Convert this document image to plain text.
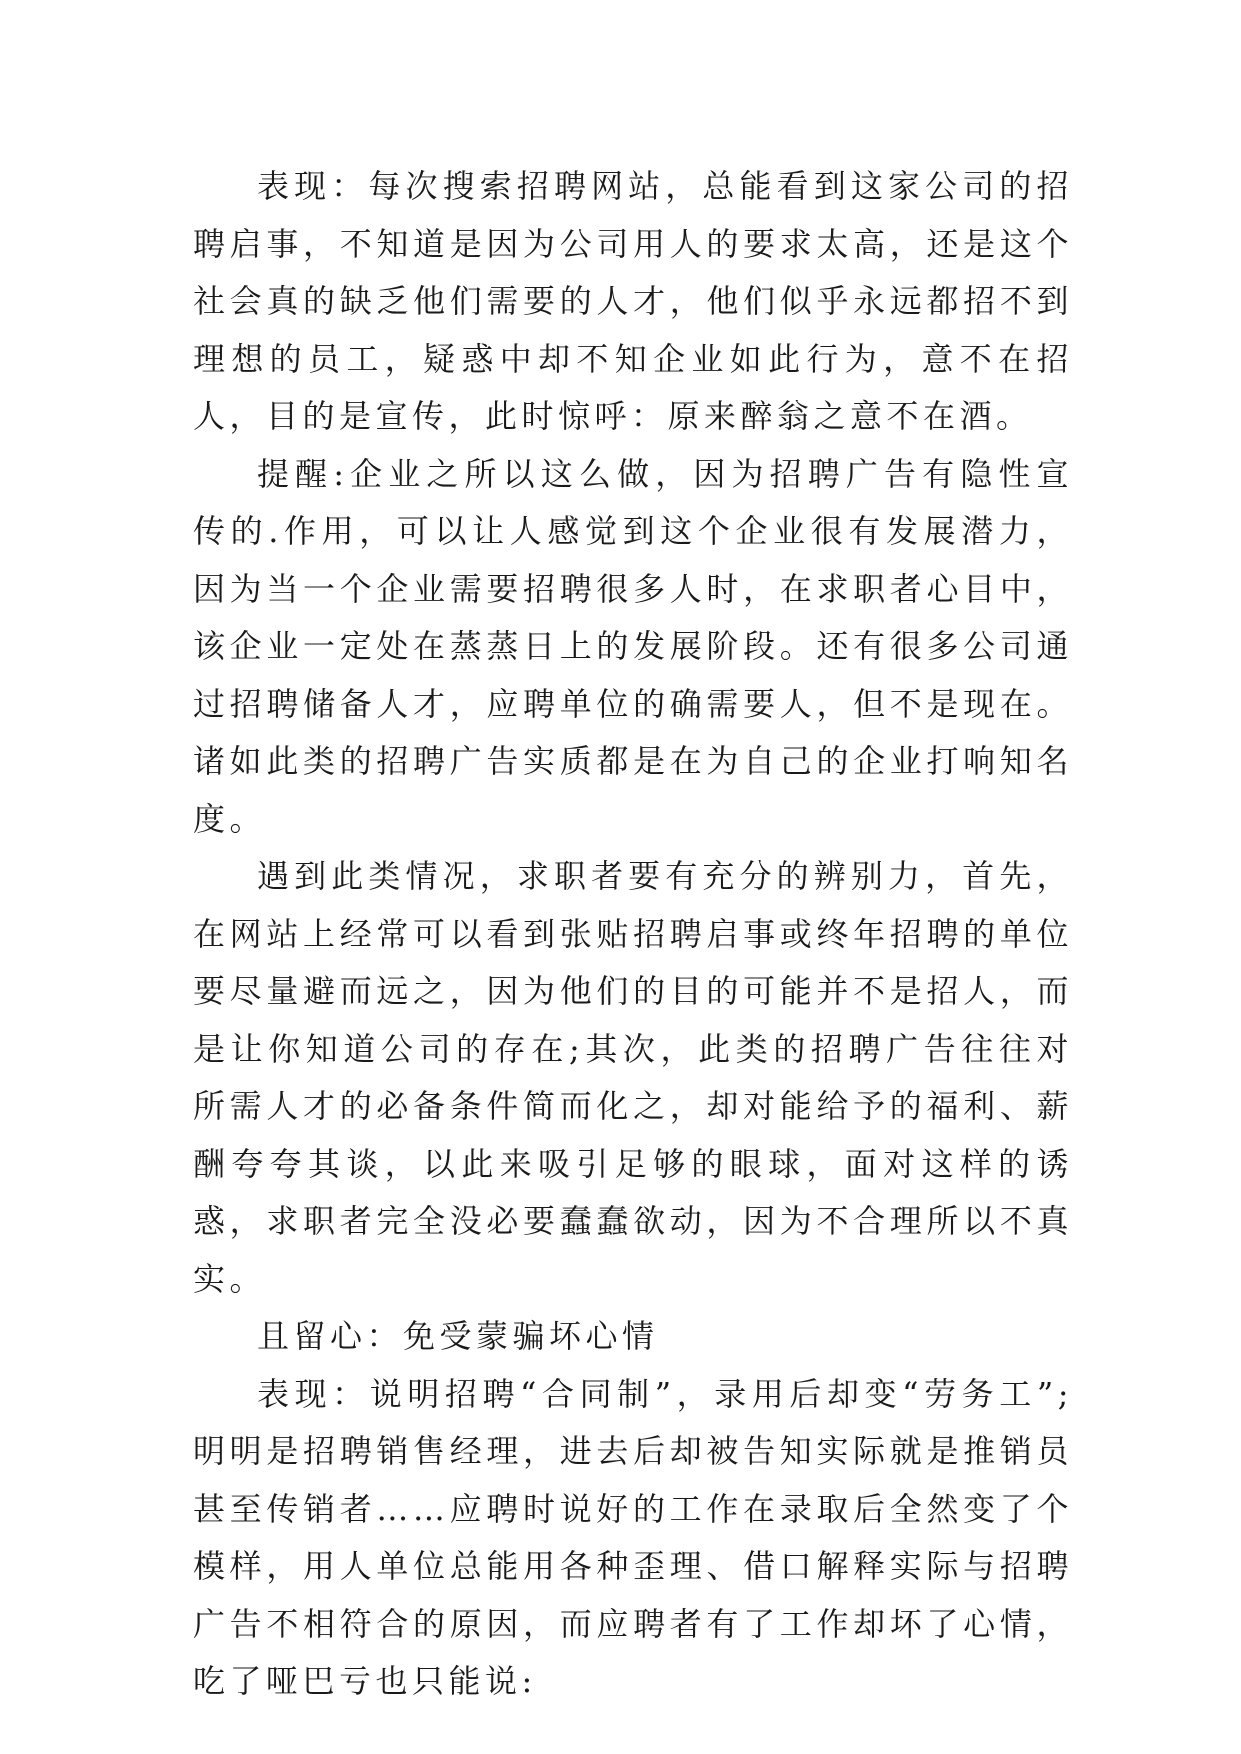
表现：每次搜索招聘网站，总能看到这家公司的招聘启事，不知道是因为公司用人的要求太高，还是这个社会真的缺乏他们需要的人才，他们似乎永远都招不到理想的员工，疑惑中却不知企业如此行为，意不在招人，目的是宣传，此时惊呼：原来醉翁之意不在酒。

提醒:企业之所以这么做，因为招聘广告有隐性宣传的.作用，可以让人感觉到这个企业很有发展潜力，因为当一个企业需要招聘很多人时，在求职者心目中，该企业一定处在蒸蒸日上的发展阶段。还有很多公司通过招聘储备人才，应聘单位的确需要人，但不是现在。诸如此类的招聘广告实质都是在为自己的企业打响知名度。

遇到此类情况，求职者要有充分的辨别力，首先，在网站上经常可以看到张贴招聘启事或终年招聘的单位要尽量避而远之，因为他们的目的可能并不是招人，而是让你知道公司的存在;其次，此类的招聘广告往往对所需人才的必备条件简而化之，却对能给予的福利、薪酬夸夸其谈，以此来吸引足够的眼球，面对这样的诱惑，求职者完全没必要蠢蠢欲动，因为不合理所以不真实。

且留心：免受蒙骗坏心情

表现：说明招聘“合同制”，录用后却变“劳务工”;明明是招聘销售经理，进去后却被告知实际就是推销员甚至传销者……应聘时说好的工作在录取后全然变了个模样，用人单位总能用各种歪理、借口解释实际与招聘广告不相符合的原因，而应聘者有了工作却坏了心情，吃了哑巴亏也只能说:
